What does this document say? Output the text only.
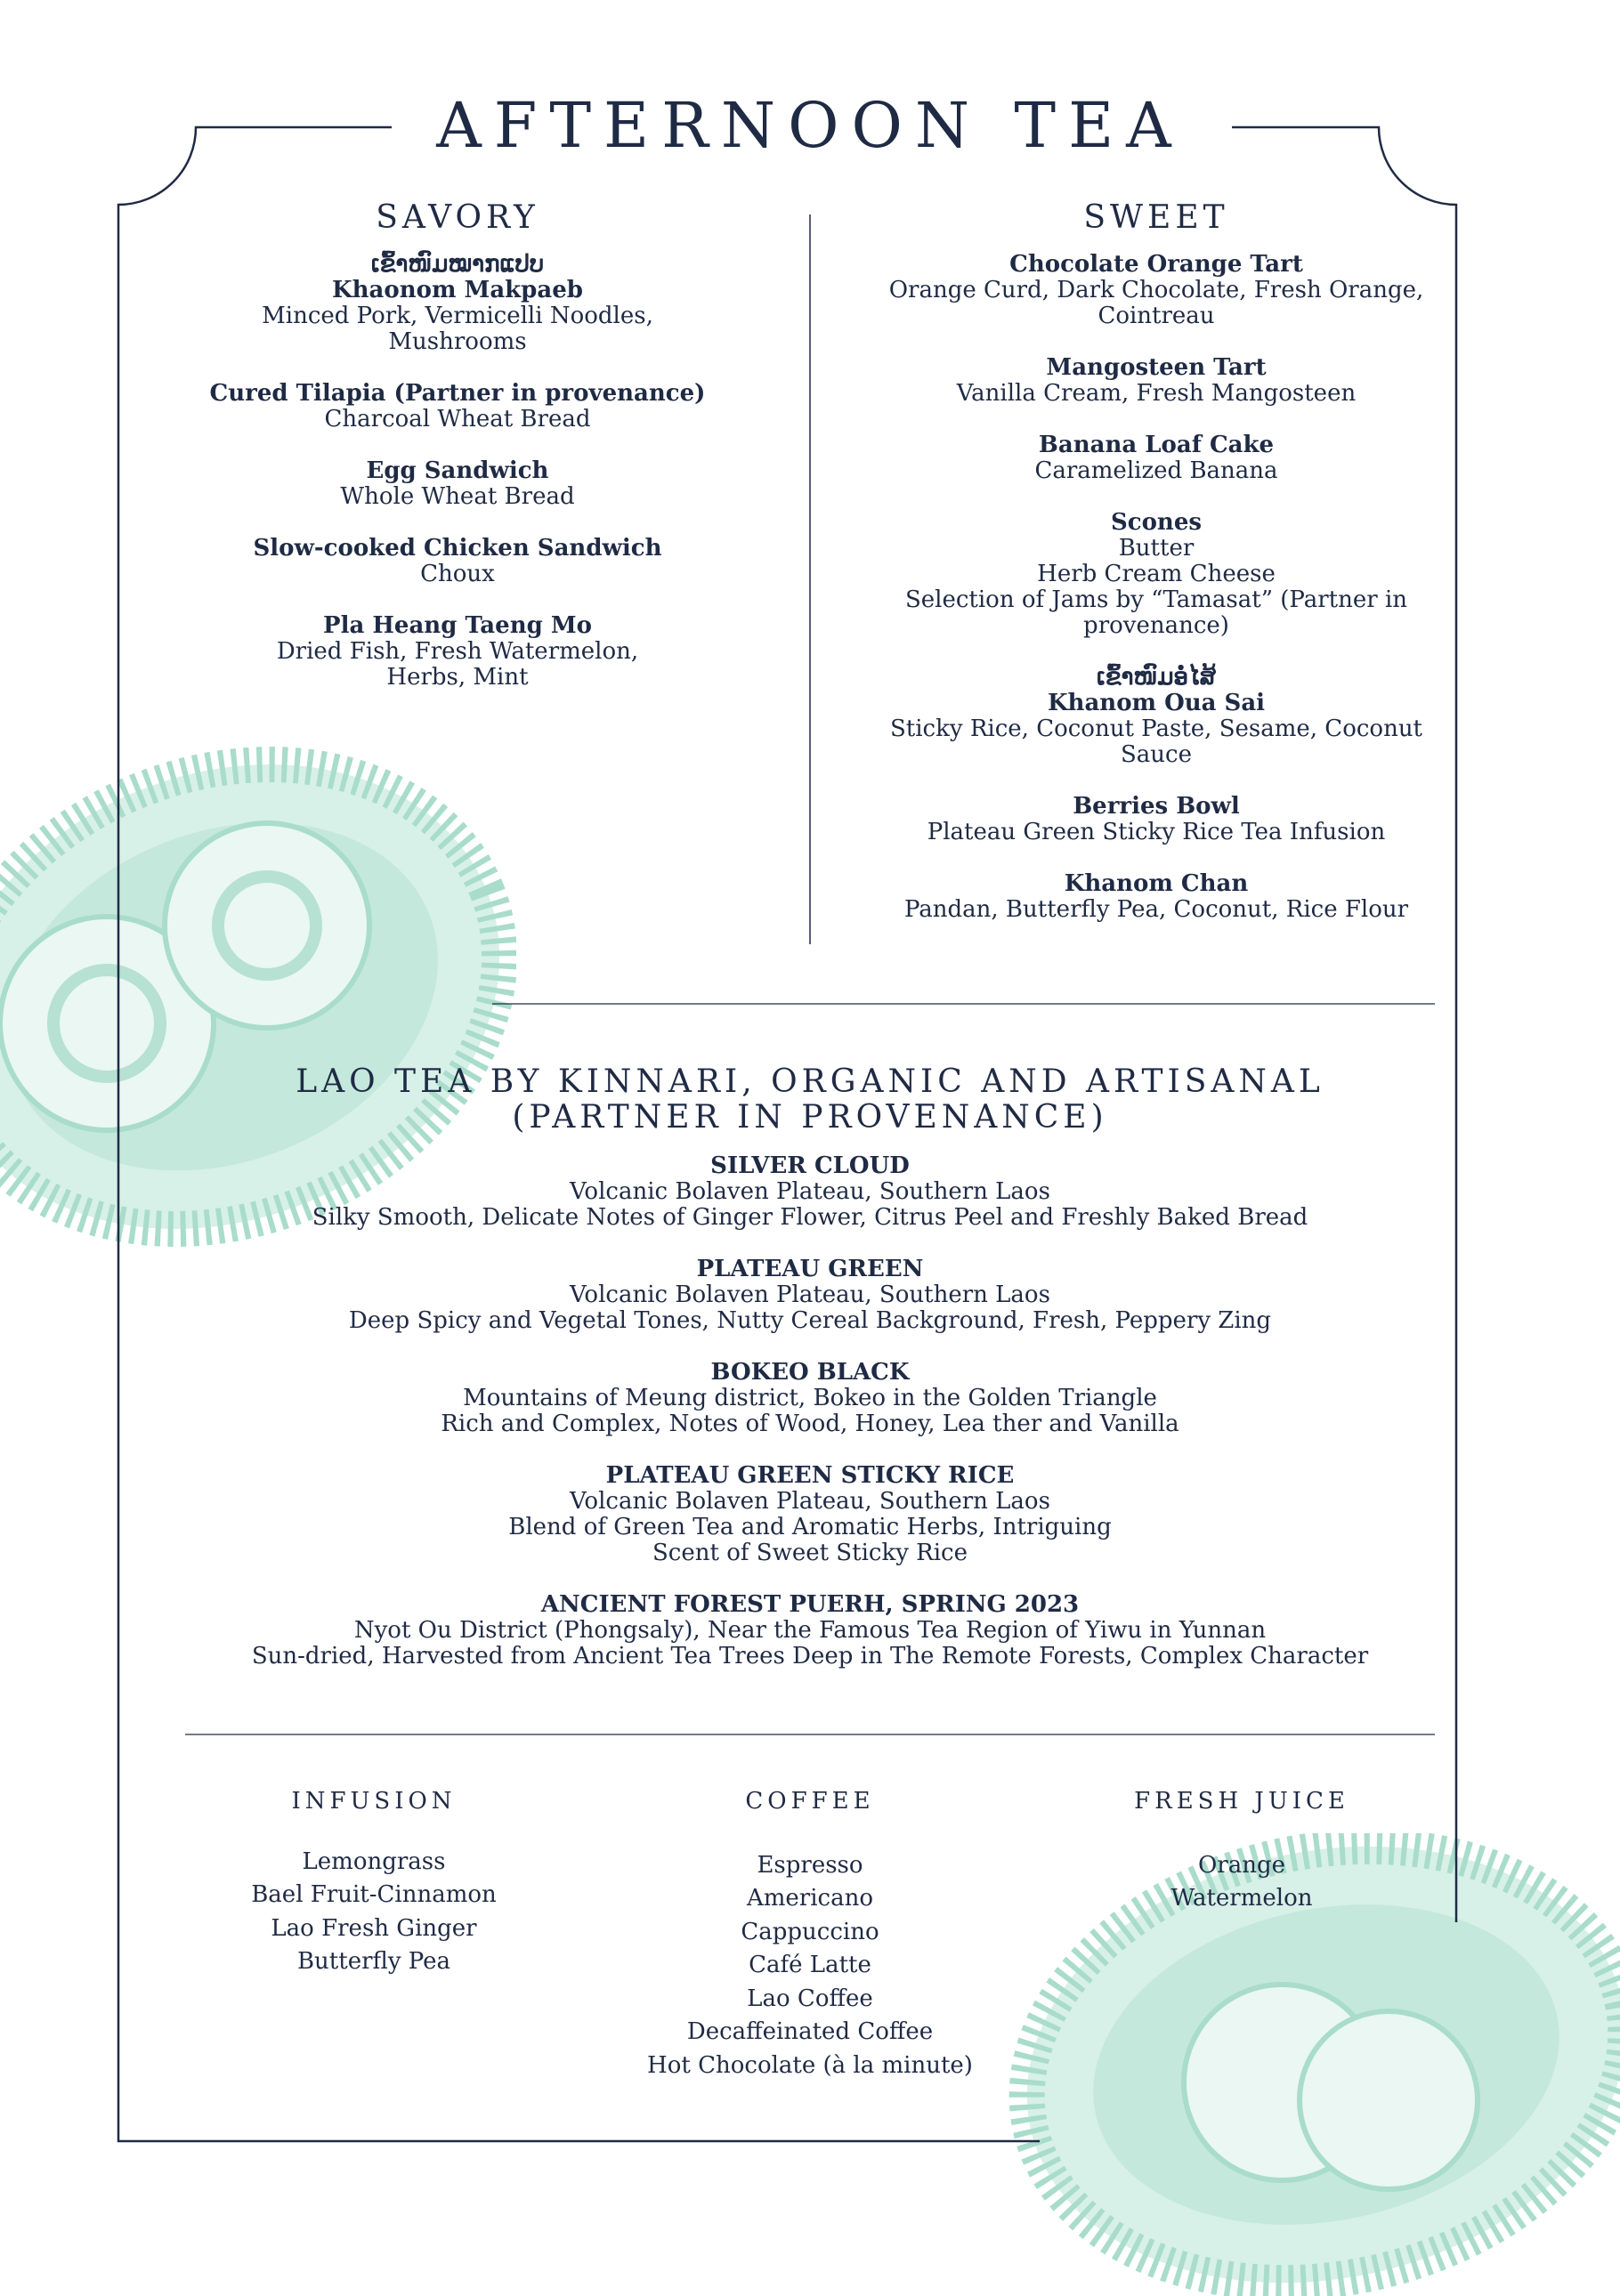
AFTERNOON TEA
SAVORY
ເຂົ້າໜົມໝາກແປບ
Khaonom Makpaeb
Minced Pork, Vermicelli Noodles,
Mushrooms
Cured Tilapia (Partner in provenance)
Charcoal Wheat Bread
Egg Sandwich
Whole Wheat Bread
Slow-cooked Chicken Sandwich
Choux
Pla Heang Taeng Mo
Dried Fish, Fresh Watermelon,
Herbs, Mint
SWEET
Chocolate Orange Tart
Orange Curd, Dark Chocolate, Fresh Orange,
Cointreau
Mangosteen Tart
Vanilla Cream, Fresh Mangosteen
Banana Loaf Cake
Caramelized Banana
Scones
Butter
Herb Cream Cheese
Selection of Jams by “Tamasat” (Partner in
provenance)
ເຂົ້າໜົມອໍ່ໄສ້
Khanom Oua Sai
Sticky Rice, Coconut Paste, Sesame, Coconut
Sauce
Berries Bowl
Plateau Green Sticky Rice Tea Infusion
Khanom Chan
Pandan, Butterfly Pea, Coconut, Rice Flour
LAO TEA BY KINNARI, ORGANIC AND ARTISANAL
(PARTNER IN PROVENANCE)
SILVER CLOUD
Volcanic Bolaven Plateau, Southern Laos
Silky Smooth, Delicate Notes of Ginger Flower, Citrus Peel and Freshly Baked Bread
PLATEAU GREEN
Volcanic Bolaven Plateau, Southern Laos
Deep Spicy and Vegetal Tones, Nutty Cereal Background, Fresh, Peppery Zing
BOKEO BLACK
Mountains of Meung district, Bokeo in the Golden Triangle
Rich and Complex, Notes of Wood, Honey, Lea ther and Vanilla
PLATEAU GREEN STICKY RICE
Volcanic Bolaven Plateau, Southern Laos
Blend of Green Tea and Aromatic Herbs, Intriguing
Scent of Sweet Sticky Rice
ANCIENT FOREST PUERH, SPRING 2023
Nyot Ou District (Phongsaly), Near the Famous Tea Region of Yiwu in Yunnan
Sun-dried, Harvested from Ancient Tea Trees Deep in The Remote Forests, Complex Character
INFUSION
Lemongrass
Bael Fruit-Cinnamon
Lao Fresh Ginger
Butterfly Pea
COFFEE
Espresso
Americano
Cappuccino
Café Latte
Lao Coffee
Decaffeinated Coffee
Hot Chocolate (à la minute)
FRESH JUICE
Orange
Watermelon
